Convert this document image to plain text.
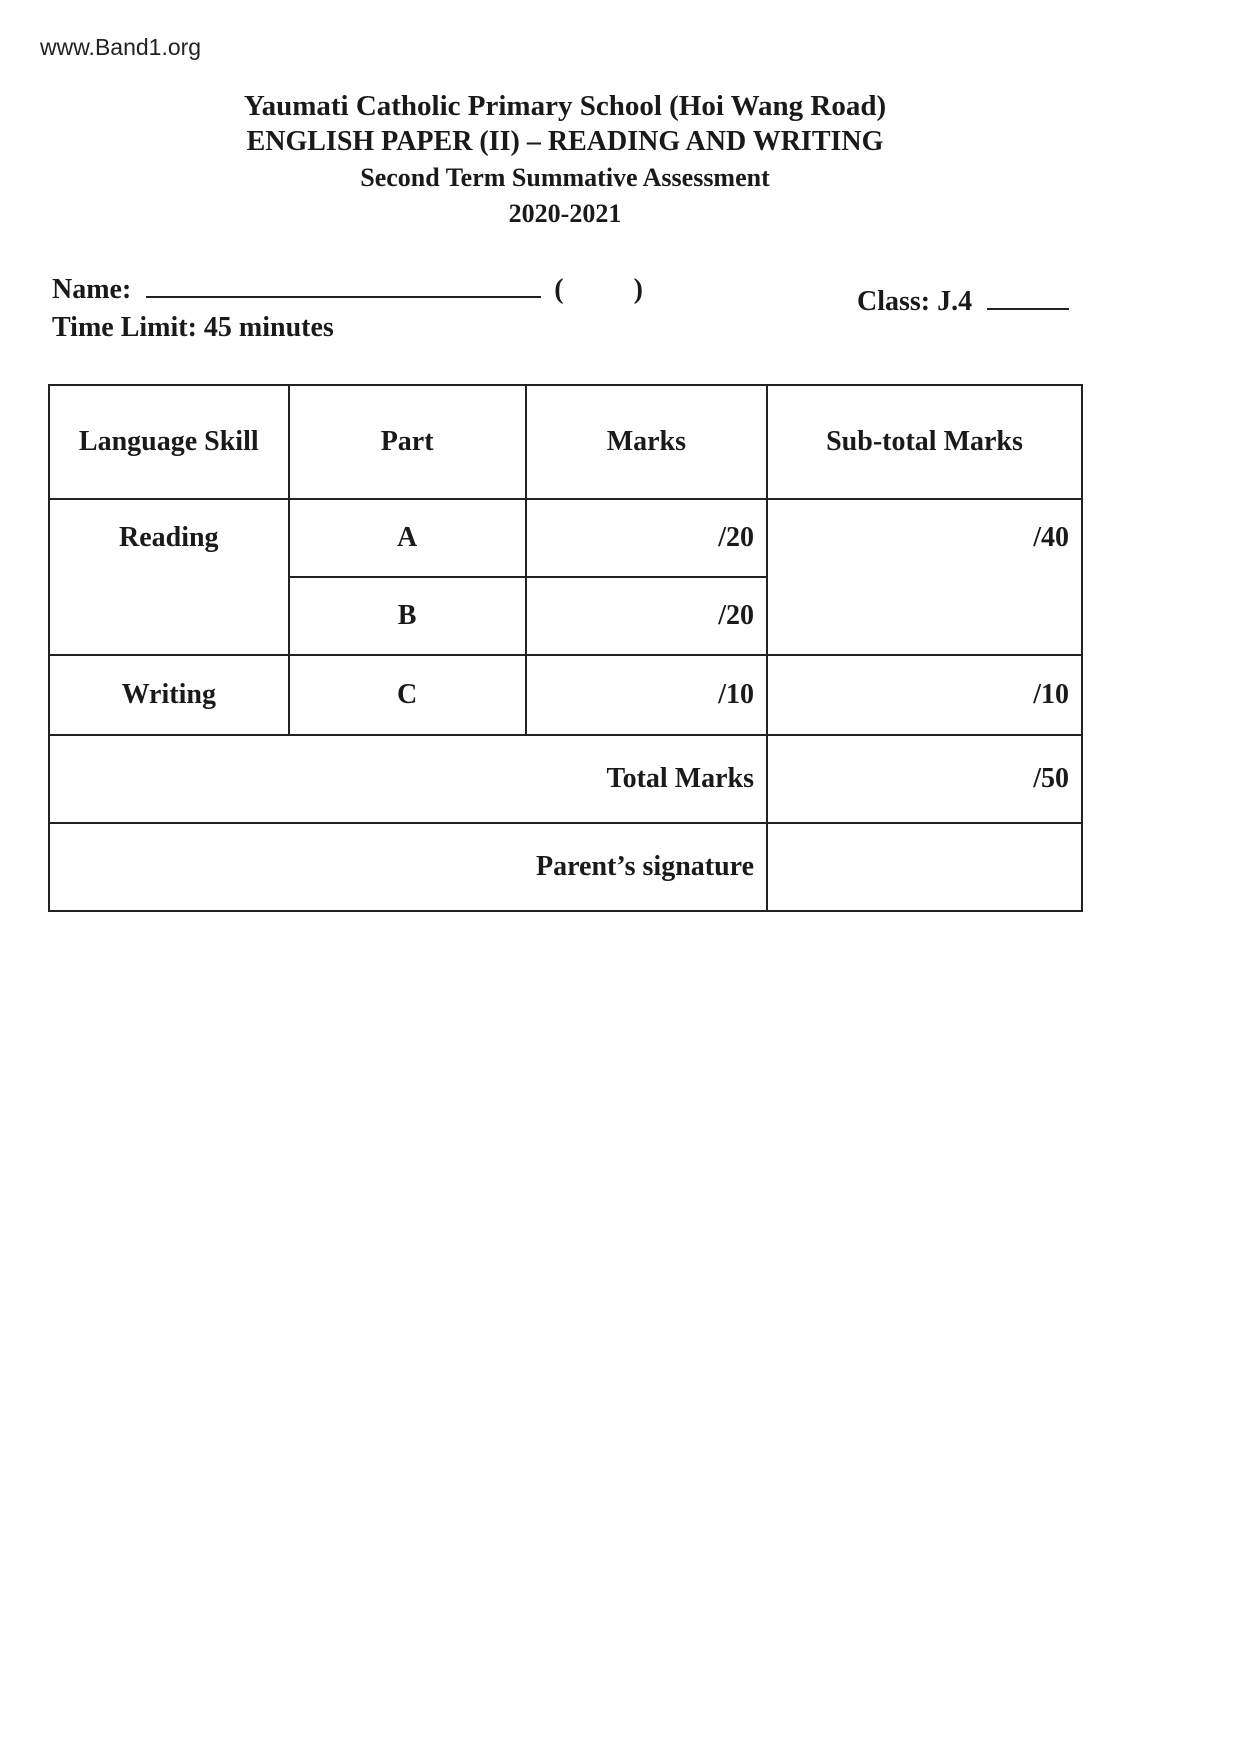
www.Band1.org
Yaumati Catholic Primary School (Hoi Wang Road)
ENGLISH PAPER (II) – READING AND WRITING
Second Term Summative Assessment
2020-2021
Name:	(	)	Class: J.4
Time Limit: 45 minutes
Language Skill	Part	Marks	Sub-total Marks
Reading	A	/20	/40
	B	/20	
Writing	C	/10	/10
Total Marks			/50
Parent’s signature			
